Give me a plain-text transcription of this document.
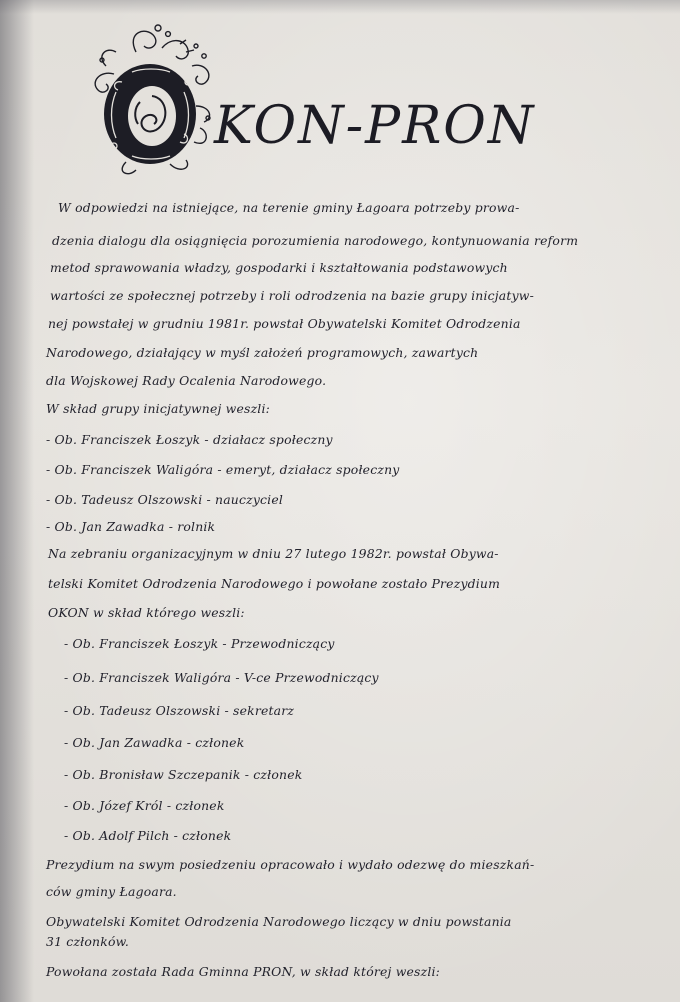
KON-PRON
W odpowiedzi na istniejące, na terenie gminy Łagoara potrzeby prowa-
dzenia dialogu dla osiągnięcia porozumienia narodowego, kontynuowania reform
metod sprawowania władzy, gospodarki i kształtowania podstawowych
wartości ze społecznej potrzeby i roli odrodzenia na bazie grupy inicjatyw-
nej powstałej w grudniu 1981r. powstał Obywatelski Komitet Odrodzenia
Narodowego, działający w myśl założeń programowych, zawartych
dla Wojskowej Rady Ocalenia Narodowego.
W skład grupy inicjatywnej weszli:
- Ob. Franciszek Łoszyk - działacz społeczny
- Ob. Franciszek Waligóra - emeryt, działacz społeczny
- Ob. Tadeusz Olszowski - nauczyciel
- Ob. Jan Zawadka - rolnik
Na zebraniu organizacyjnym w dniu 27 lutego 1982r. powstał Obywa-
telski Komitet Odrodzenia Narodowego i powołane zostało Prezydium
OKON w skład którego weszli:
- Ob. Franciszek Łoszyk - Przewodniczący
- Ob. Franciszek Waligóra - V-ce Przewodniczący
- Ob. Tadeusz Olszowski - sekretarz
- Ob. Jan Zawadka - członek
- Ob. Bronisław Szczepanik - członek
- Ob. Józef Król - członek
- Ob. Adolf Pilch - członek
Prezydium na swym posiedzeniu opracowało i wydało odezwę do mieszkań-
ców gminy Łagoara.
Obywatelski Komitet Odrodzenia Narodowego liczący w dniu powstania
31 członków.
Powołana została Rada Gminna PRON, w skład której weszli:
